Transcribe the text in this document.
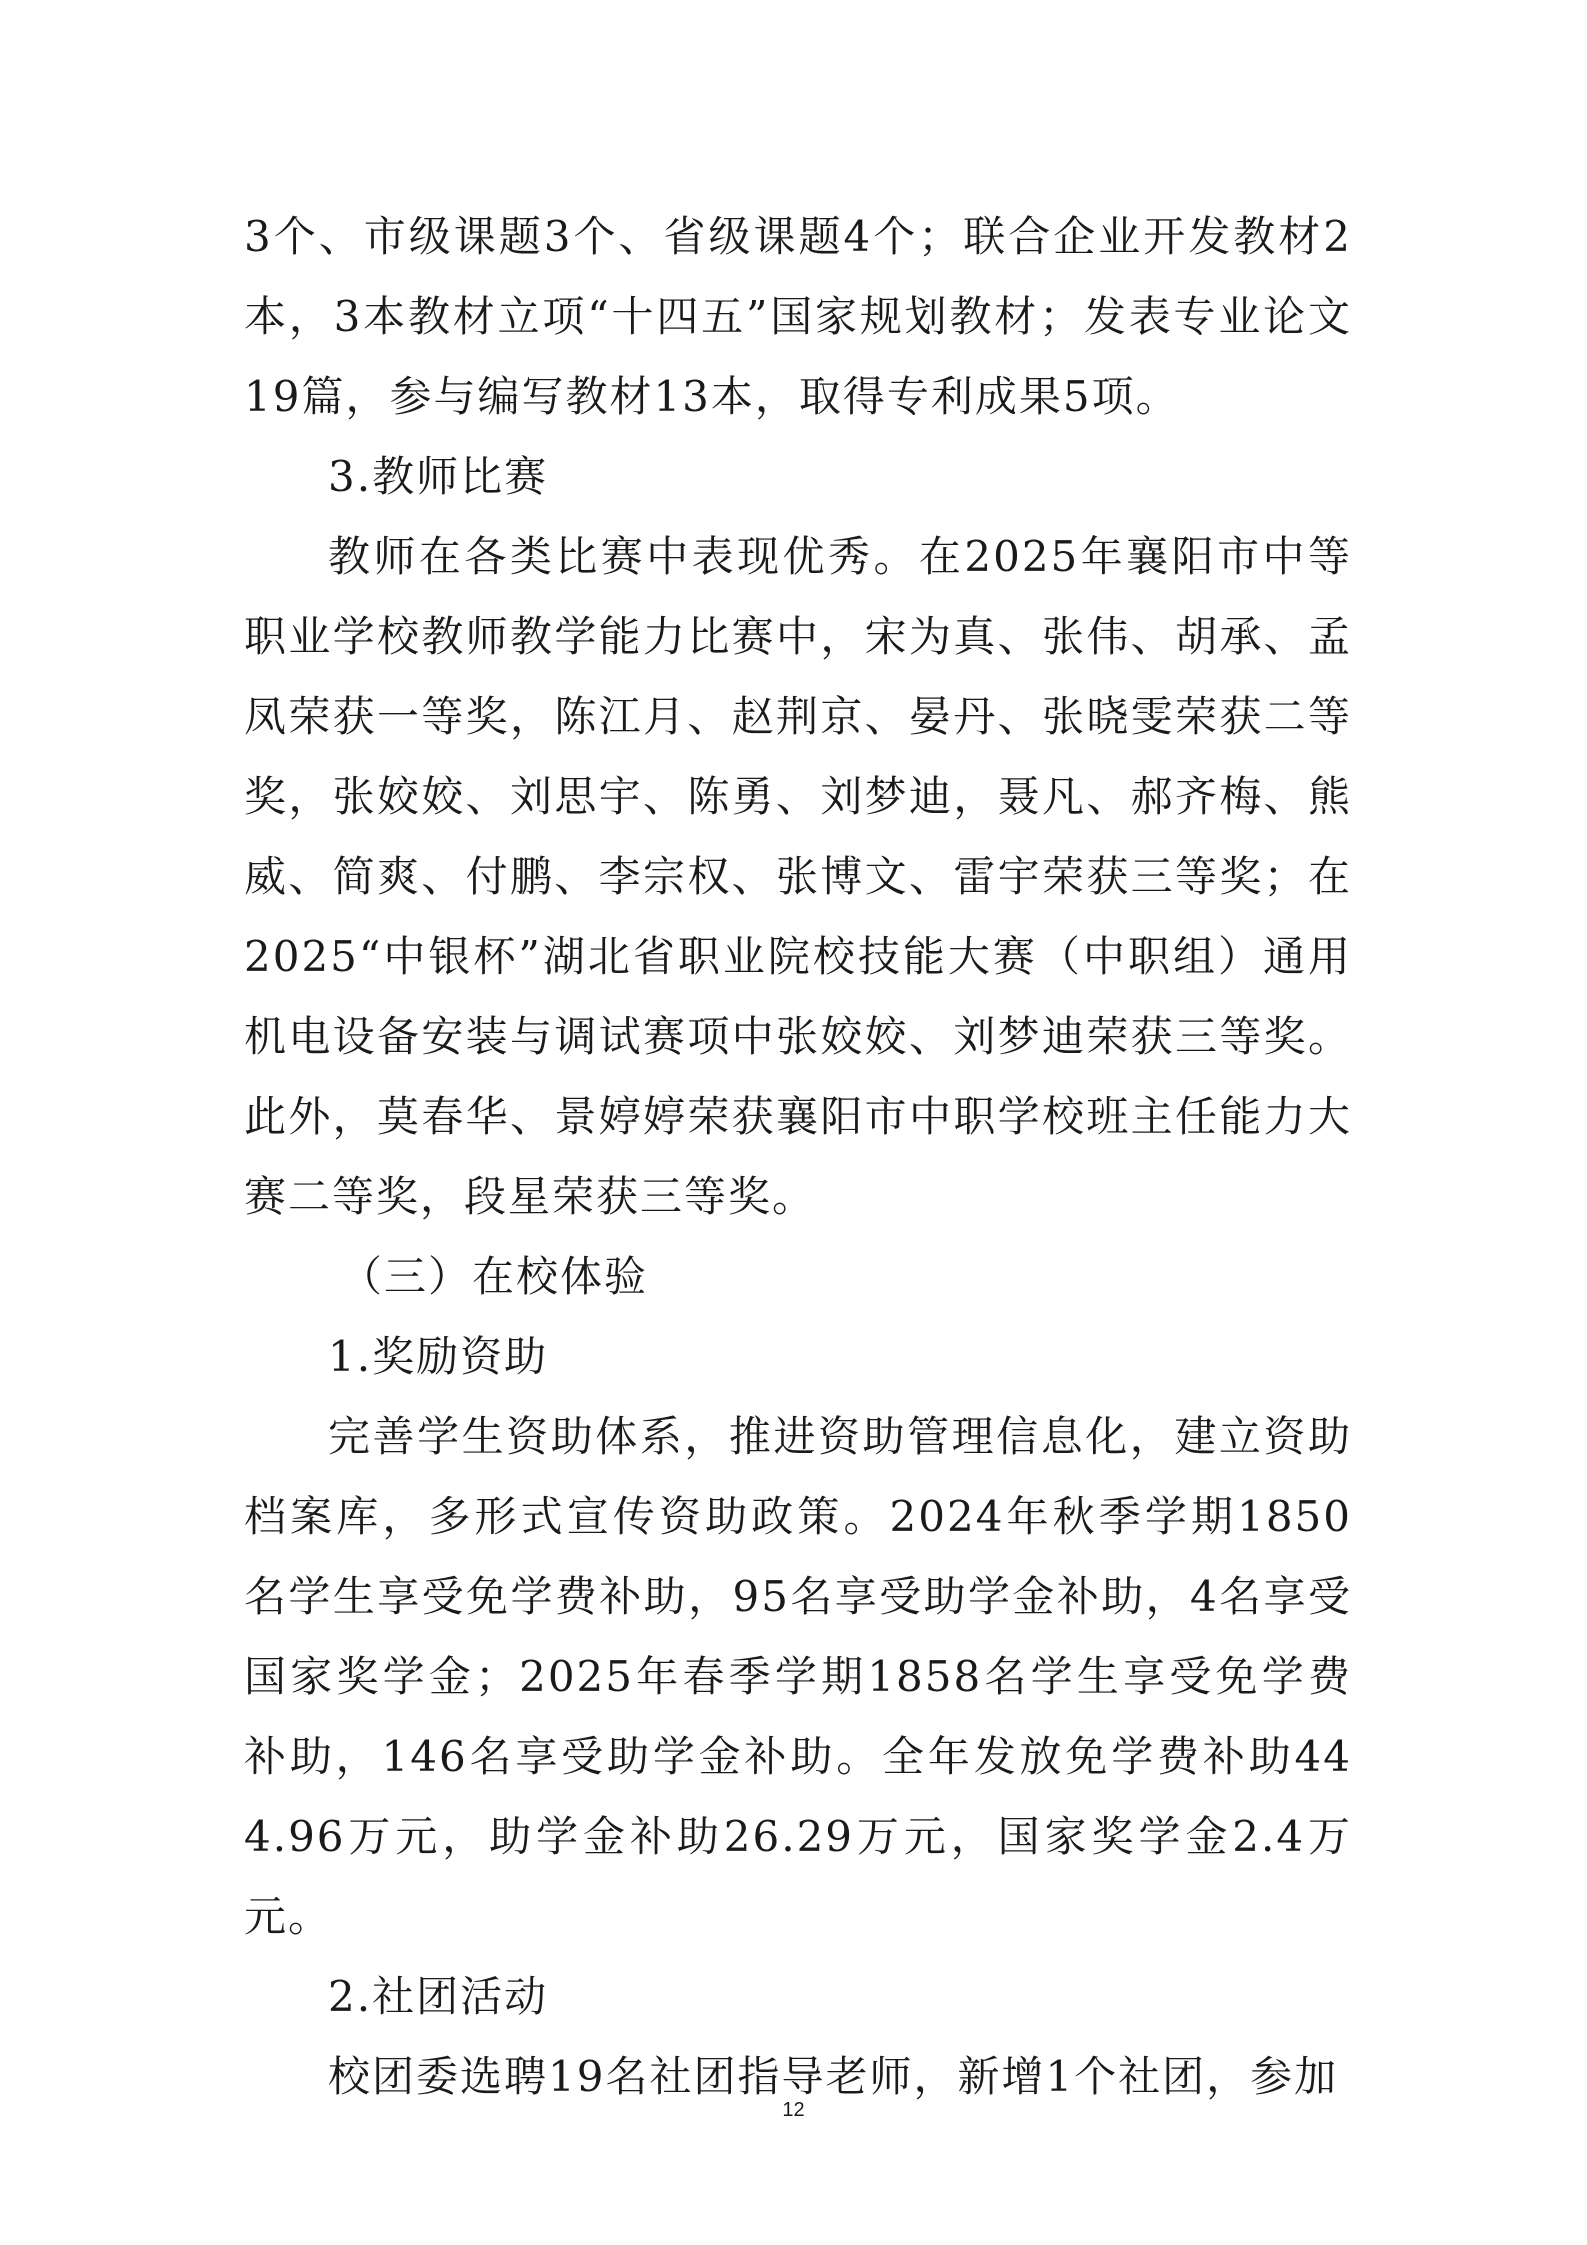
3个、市级课题3个、省级课题4个；联合企业开发教材2本，3本教材立项“十四五”国家规划教材；发表专业论文19篇，参与编写教材13本，取得专利成果5项。

3.教师比赛

教师在各类比赛中表现优秀。在2025年襄阳市中等职业学校教师教学能力比赛中，宋为真、张伟、胡承、孟凤荣获一等奖，陈江月、赵荆京、晏丹、张晓雯荣获二等奖，张姣姣、刘思宇、陈勇、刘梦迪，聂凡、郝齐梅、熊威、简爽、付鹏、李宗权、张博文、雷宇荣获三等奖；在2025“中银杯”湖北省职业院校技能大赛（中职组）通用机电设备安装与调试赛项中张姣姣、刘梦迪荣获三等奖。此外，莫春华、景婷婷荣获襄阳市中职学校班主任能力大赛二等奖，段星荣获三等奖。

（三）在校体验

1.奖励资助

完善学生资助体系，推进资助管理信息化，建立资助档案库，多形式宣传资助政策。2024年秋季学期1850名学生享受免学费补助，95名享受助学金补助，4名享受国家奖学金；2025年春季学期1858名学生享受免学费补助，146名享受助学金补助。全年发放免学费补助444.96万元，助学金补助26.29万元，国家奖学金2.4万元。

2.社团活动

校团委选聘19名社团指导老师，新增1个社团，参加

12
